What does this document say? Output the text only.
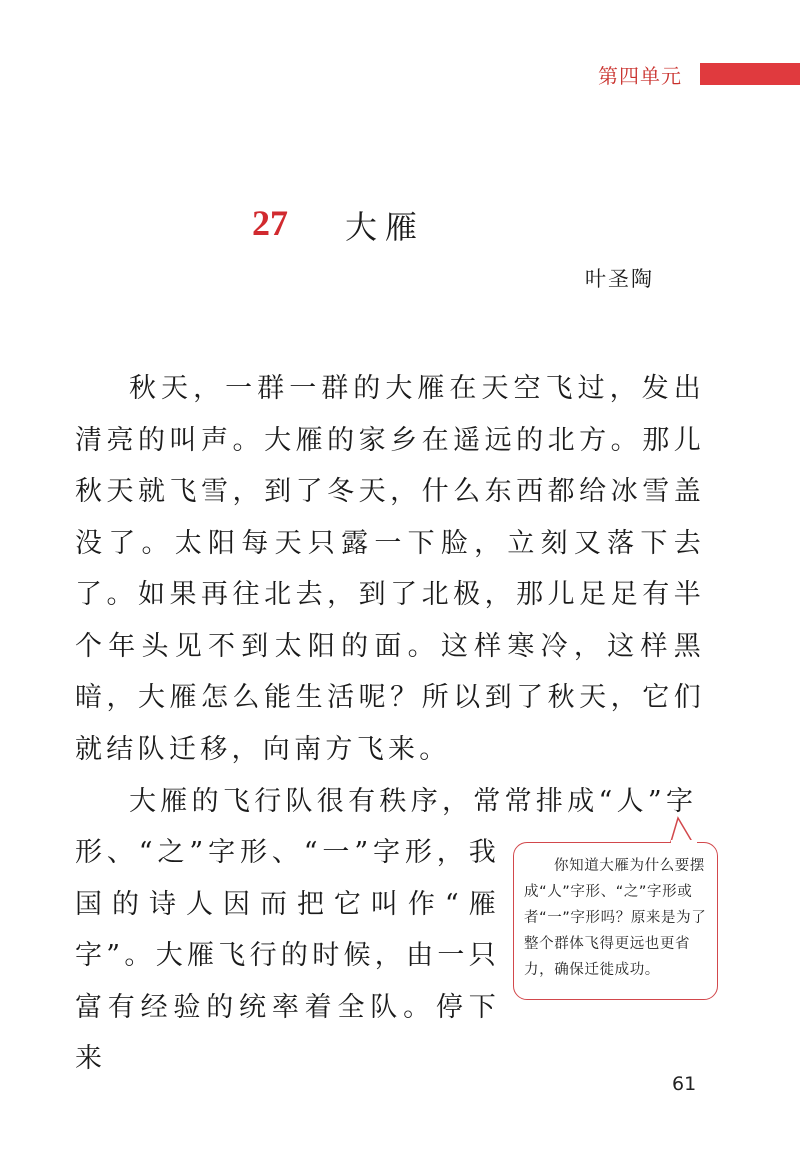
第四单元
27 大雁
叶圣陶

秋天，一群一群的大雁在天空飞过，发出清亮的叫声。大雁的家乡在遥远的北方。那儿秋天就飞雪，到了冬天，什么东西都给冰雪盖没了。太阳每天只露一下脸，立刻又落下去了。如果再往北去，到了北极，那儿足足有半个年头见不到太阳的面。这样寒冷，这样黑暗，大雁怎么能生活呢？所以到了秋天，它们就结队迁移，向南方飞来。

大雁的飞行队很有秩序，常常排成“人”字

形、“之”字形、“一”字形，我国的诗人因而把它叫作“雁字”。大雁飞行的时候，由一只富有经验的统率着全队。停下来

你知道大雁为什么要摆成“人”字形、“之”字形或者“一”字形吗？原来是为了整个群体飞得更远也更省力，确保迁徙成功。

61
